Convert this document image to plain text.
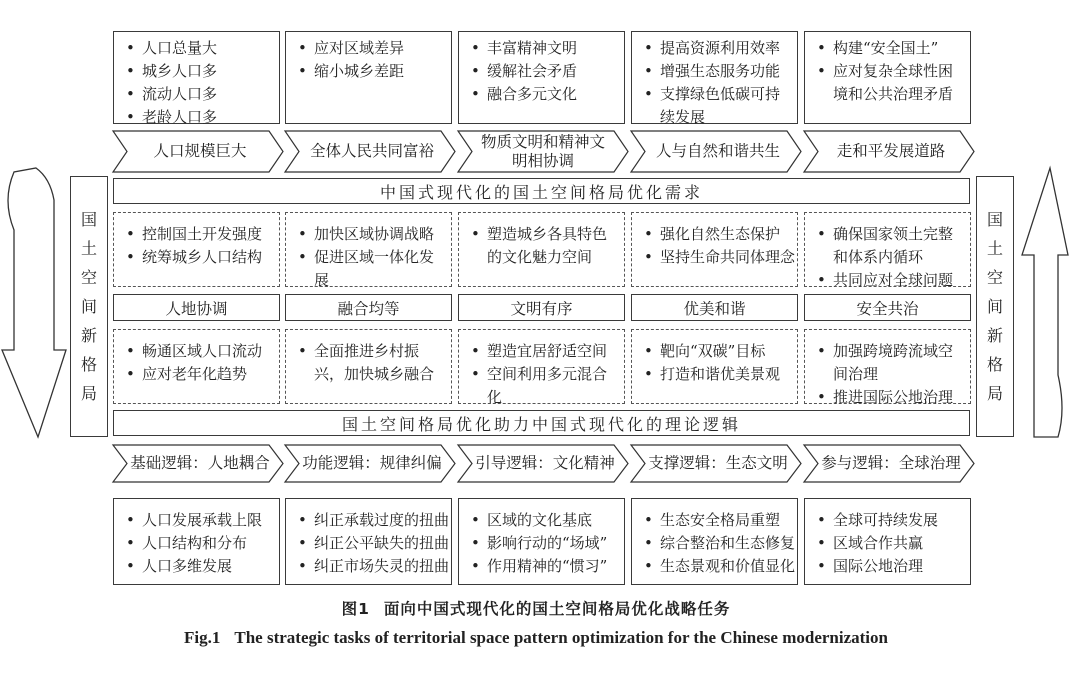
• 人口总量大
• 城乡人口多
• 流动人口多
• 老龄人口多
• 应对区域差异
• 缩小城乡差距
• 丰富精神文明
• 缓解社会矛盾
• 融合多元文化
• 提高资源利用效率
• 增强生态服务功能
• 支撑绿色低碳可持续发展
• 构建“安全国土”
• 应对复杂全球性困境和公共治理矛盾
人口规模巨大	全体人民共同富裕
物质文明和精神文明相协调
人与自然和谐共生	走和平发展道路
国
土
空
间
新
格
局
国
土
空
间
新
格
局
中国式现代化的国土空间格局优化需求
• 控制国土开发强度
• 统筹城乡人口结构
• 加快区域协调战略
• 促进区域一体化发展
• 塑造城乡各具特色的文化魅力空间
• 强化自然生态保护
• 坚持生命共同体理念
• 确保国家领土完整和体系内循环
• 共同应对全球问题
人地协调	融合均等	文明有序	优美和谐	安全共治
• 畅通区域人口流动
• 应对老年化趋势
• 全面推进乡村振兴，加快城乡融合
• 塑造宜居舒适空间
• 空间利用多元混合化
• 靶向“双碳”目标
• 打造和谐优美景观
• 加强跨境跨流域空间治理
• 推进国际公地治理
国土空间格局优化助力中国式现代化的理论逻辑
基础逻辑：人地耦合 功能逻辑：规律纠偏 引导逻辑：文化精神 支撑逻辑：生态文明 参与逻辑：全球治理
• 人口发展承载上限
• 人口结构和分布
• 人口多维发展
• 纠正承载过度的扭曲
• 纠正公平缺失的扭曲
• 纠正市场失灵的扭曲
• 区域的文化基底
• 影响行动的“场域”
• 作用精神的“惯习”
• 生态安全格局重塑
• 综合整治和生态修复
• 生态景观和价值显化
• 全球可持续发展
• 区域合作共赢
• 国际公地治理
图1 面向中国式现代化的国土空间格局优化战略任务
Fig.1 The strategic tasks of territorial space pattern optimization for the Chinese modernization
